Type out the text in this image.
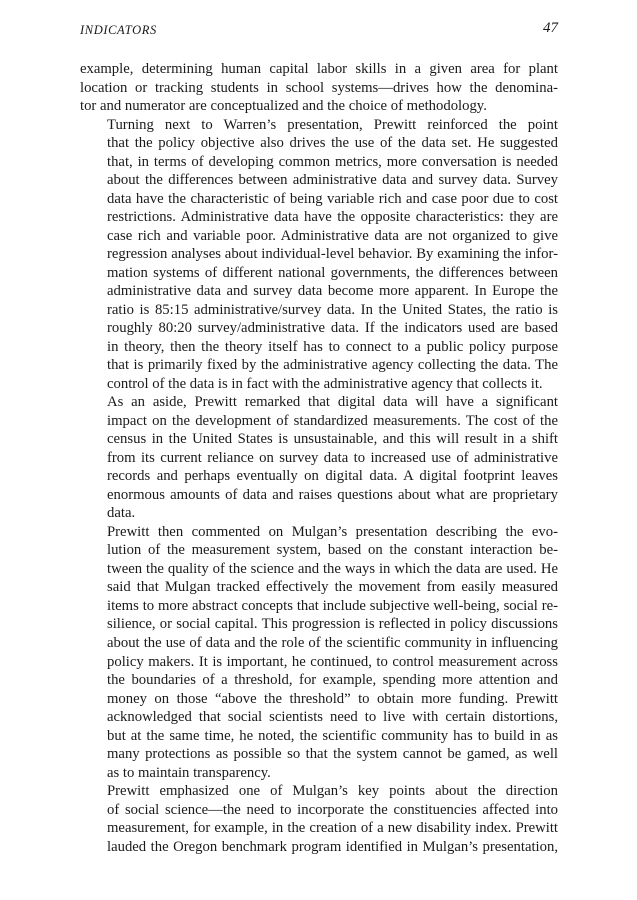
INDICATORS	47

example, determining human capital labor skills in a given area for plant
location or tracking students in school systems—drives how the denomina-
tor and numerator are conceptualized and the choice of methodology.

Turning next to Warren’s presentation, Prewitt reinforced the point
that the policy objective also drives the use of the data set. He suggested
that, in terms of developing common metrics, more conversation is needed
about the differences between administrative data and survey data. Survey
data have the characteristic of being variable rich and case poor due to cost
restrictions. Administrative data have the opposite characteristics: they are
case rich and variable poor. Administrative data are not organized to give
regression analyses about individual-level behavior. By examining the infor-
mation systems of different national governments, the differences between
administrative data and survey data become more apparent. In Europe the
ratio is 85:15 administrative/survey data. In the United States, the ratio is
roughly 80:20 survey/administrative data. If the indicators used are based
in theory, then the theory itself has to connect to a public policy purpose
that is primarily fixed by the administrative agency collecting the data. The
control of the data is in fact with the administrative agency that collects it.

As an aside, Prewitt remarked that digital data will have a significant
impact on the development of standardized measurements. The cost of the
census in the United States is unsustainable, and this will result in a shift
from its current reliance on survey data to increased use of administrative
records and perhaps eventually on digital data. A digital footprint leaves
enormous amounts of data and raises questions about what are proprietary
data.

Prewitt then commented on Mulgan’s presentation describing the evo-
lution of the measurement system, based on the constant interaction be-
tween the quality of the science and the ways in which the data are used. He
said that Mulgan tracked effectively the movement from easily measured
items to more abstract concepts that include subjective well-being, social re-
silience, or social capital. This progression is reflected in policy discussions
about the use of data and the role of the scientific community in influencing
policy makers. It is important, he continued, to control measurement across
the boundaries of a threshold, for example, spending more attention and
money on those “above the threshold” to obtain more funding. Prewitt
acknowledged that social scientists need to live with certain distortions,
but at the same time, he noted, the scientific community has to build in as
many protections as possible so that the system cannot be gamed, as well
as to maintain transparency.

Prewitt emphasized one of Mulgan’s key points about the direction
of social science—the need to incorporate the constituencies affected into
measurement, for example, in the creation of a new disability index. Prewitt
lauded the Oregon benchmark program identified in Mulgan’s presentation,
